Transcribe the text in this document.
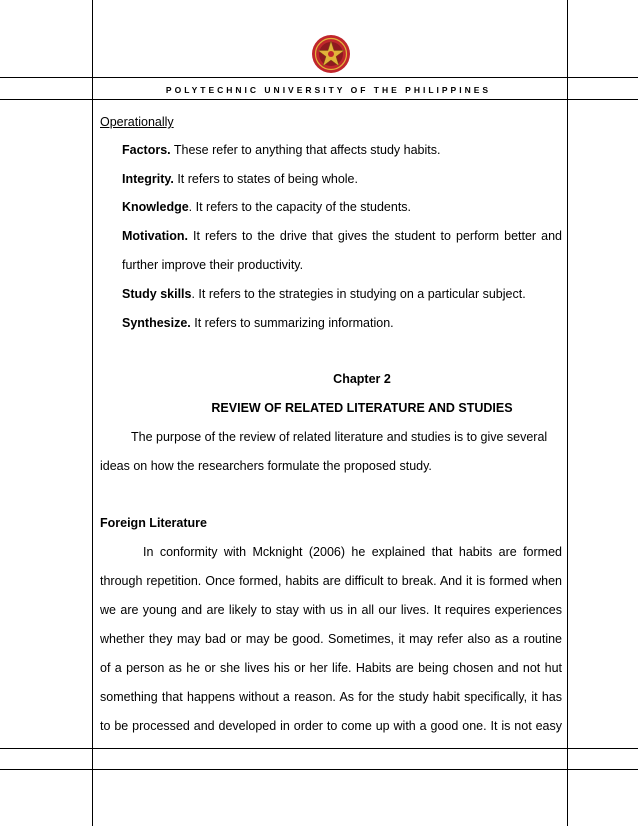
POLYTECHNIC UNIVERSITY OF THE PHILIPPINES
Operationally
Factors. These refer to anything that affects study habits.
Integrity. It refers to states of being whole.
Knowledge. It refers to the capacity of the students.
Motivation. It refers to the drive that gives the student to perform better and
further improve their productivity.
Study skills. It refers to the strategies in studying on a particular subject.
Synthesize. It refers to summarizing information.
Chapter 2
REVIEW OF RELATED LITERATURE AND STUDIES
The purpose of the review of related literature and studies is to give several
ideas on how the researchers formulate the proposed study.
Foreign Literature
In conformity with Mcknight (2006) he explained that habits are formed
through repetition. Once formed, habits are difficult to break. And it is formed when
we are young and are likely to stay with us in all our lives. It requires experiences
whether they may bad or may be good. Sometimes, it may refer also as a routine
of a person as he or she lives his or her life. Habits are being chosen and not hut
something that happens without a reason. As for the study habit specifically, it has
to be processed and developed in order to come up with a good one. It is not easy
